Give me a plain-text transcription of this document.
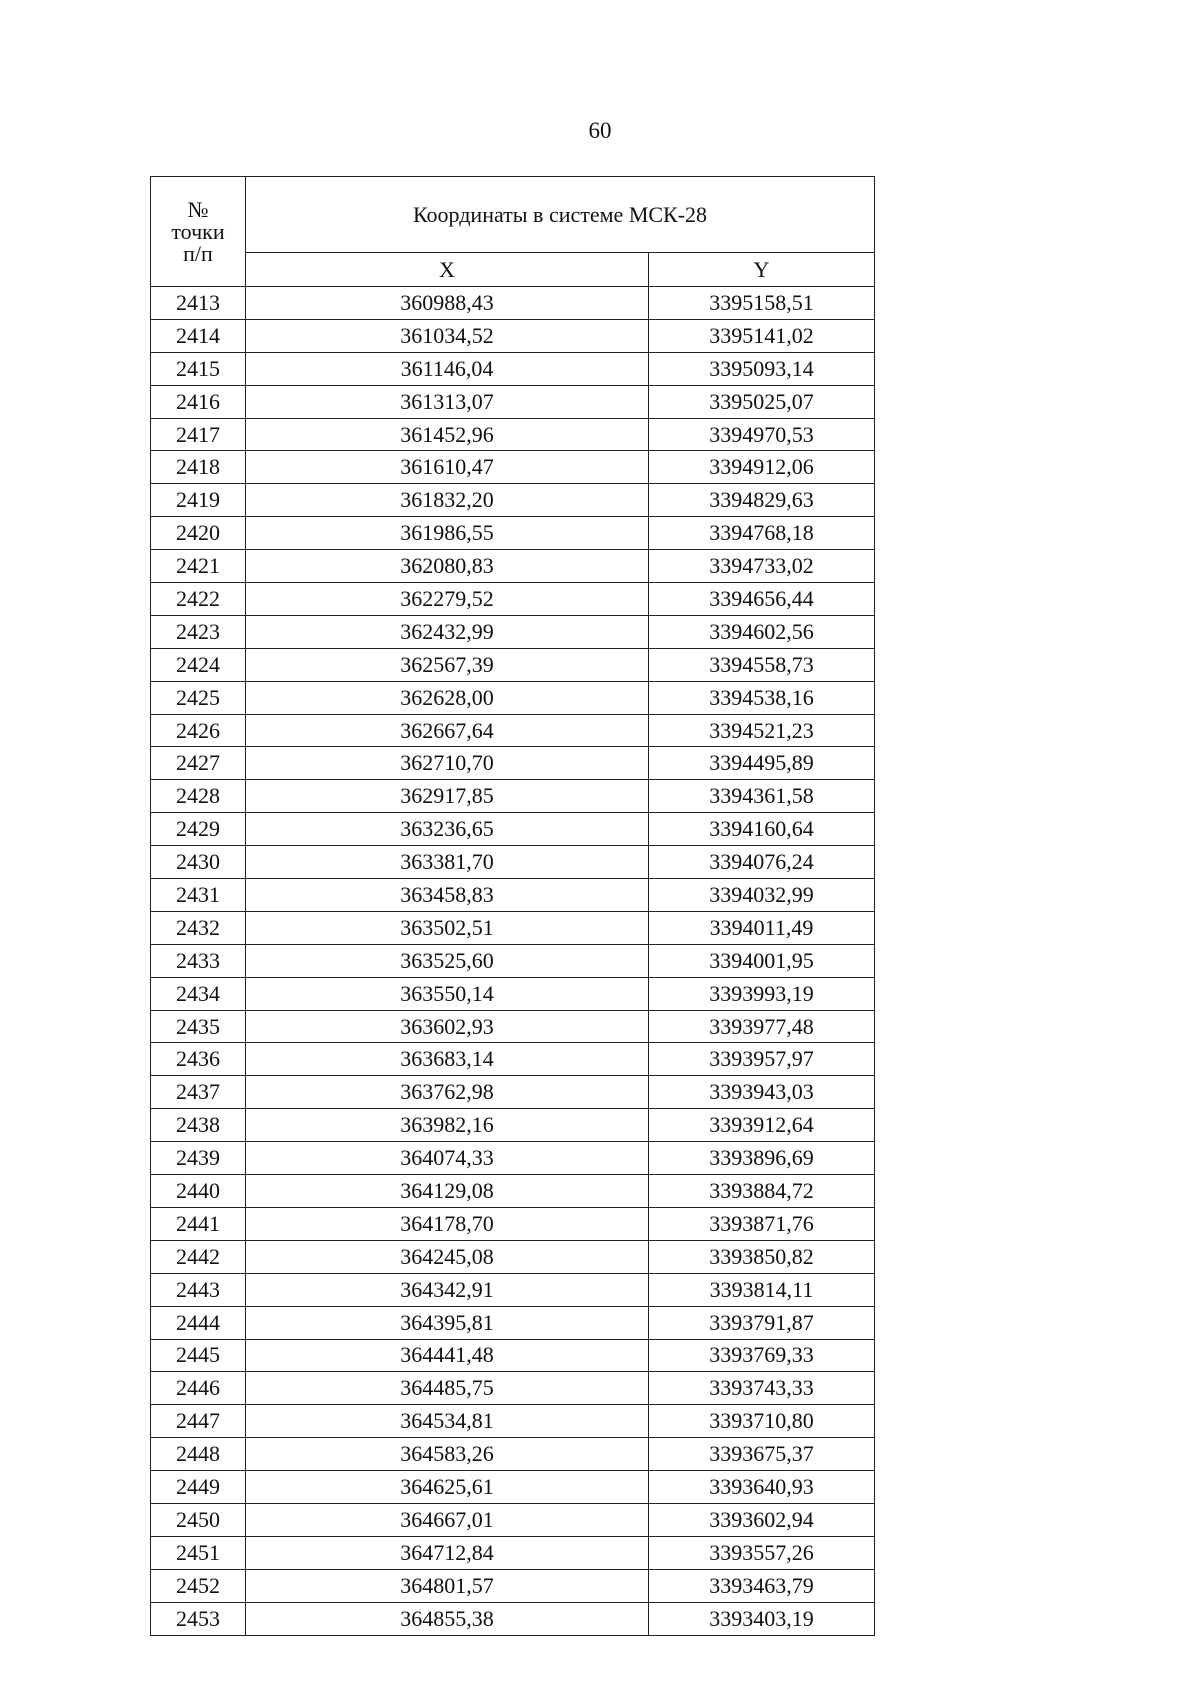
60
№
точки
п/п	Координаты в системе МСК-28	
	X	Y
2413	360988,43	3395158,51
2414	361034,52	3395141,02
2415	361146,04	3395093,14
2416	361313,07	3395025,07
2417	361452,96	3394970,53
2418	361610,47	3394912,06
2419	361832,20	3394829,63
2420	361986,55	3394768,18
2421	362080,83	3394733,02
2422	362279,52	3394656,44
2423	362432,99	3394602,56
2424	362567,39	3394558,73
2425	362628,00	3394538,16
2426	362667,64	3394521,23
2427	362710,70	3394495,89
2428	362917,85	3394361,58
2429	363236,65	3394160,64
2430	363381,70	3394076,24
2431	363458,83	3394032,99
2432	363502,51	3394011,49
2433	363525,60	3394001,95
2434	363550,14	3393993,19
2435	363602,93	3393977,48
2436	363683,14	3393957,97
2437	363762,98	3393943,03
2438	363982,16	3393912,64
2439	364074,33	3393896,69
2440	364129,08	3393884,72
2441	364178,70	3393871,76
2442	364245,08	3393850,82
2443	364342,91	3393814,11
2444	364395,81	3393791,87
2445	364441,48	3393769,33
2446	364485,75	3393743,33
2447	364534,81	3393710,80
2448	364583,26	3393675,37
2449	364625,61	3393640,93
2450	364667,01	3393602,94
2451	364712,84	3393557,26
2452	364801,57	3393463,79
2453	364855,38	3393403,19
